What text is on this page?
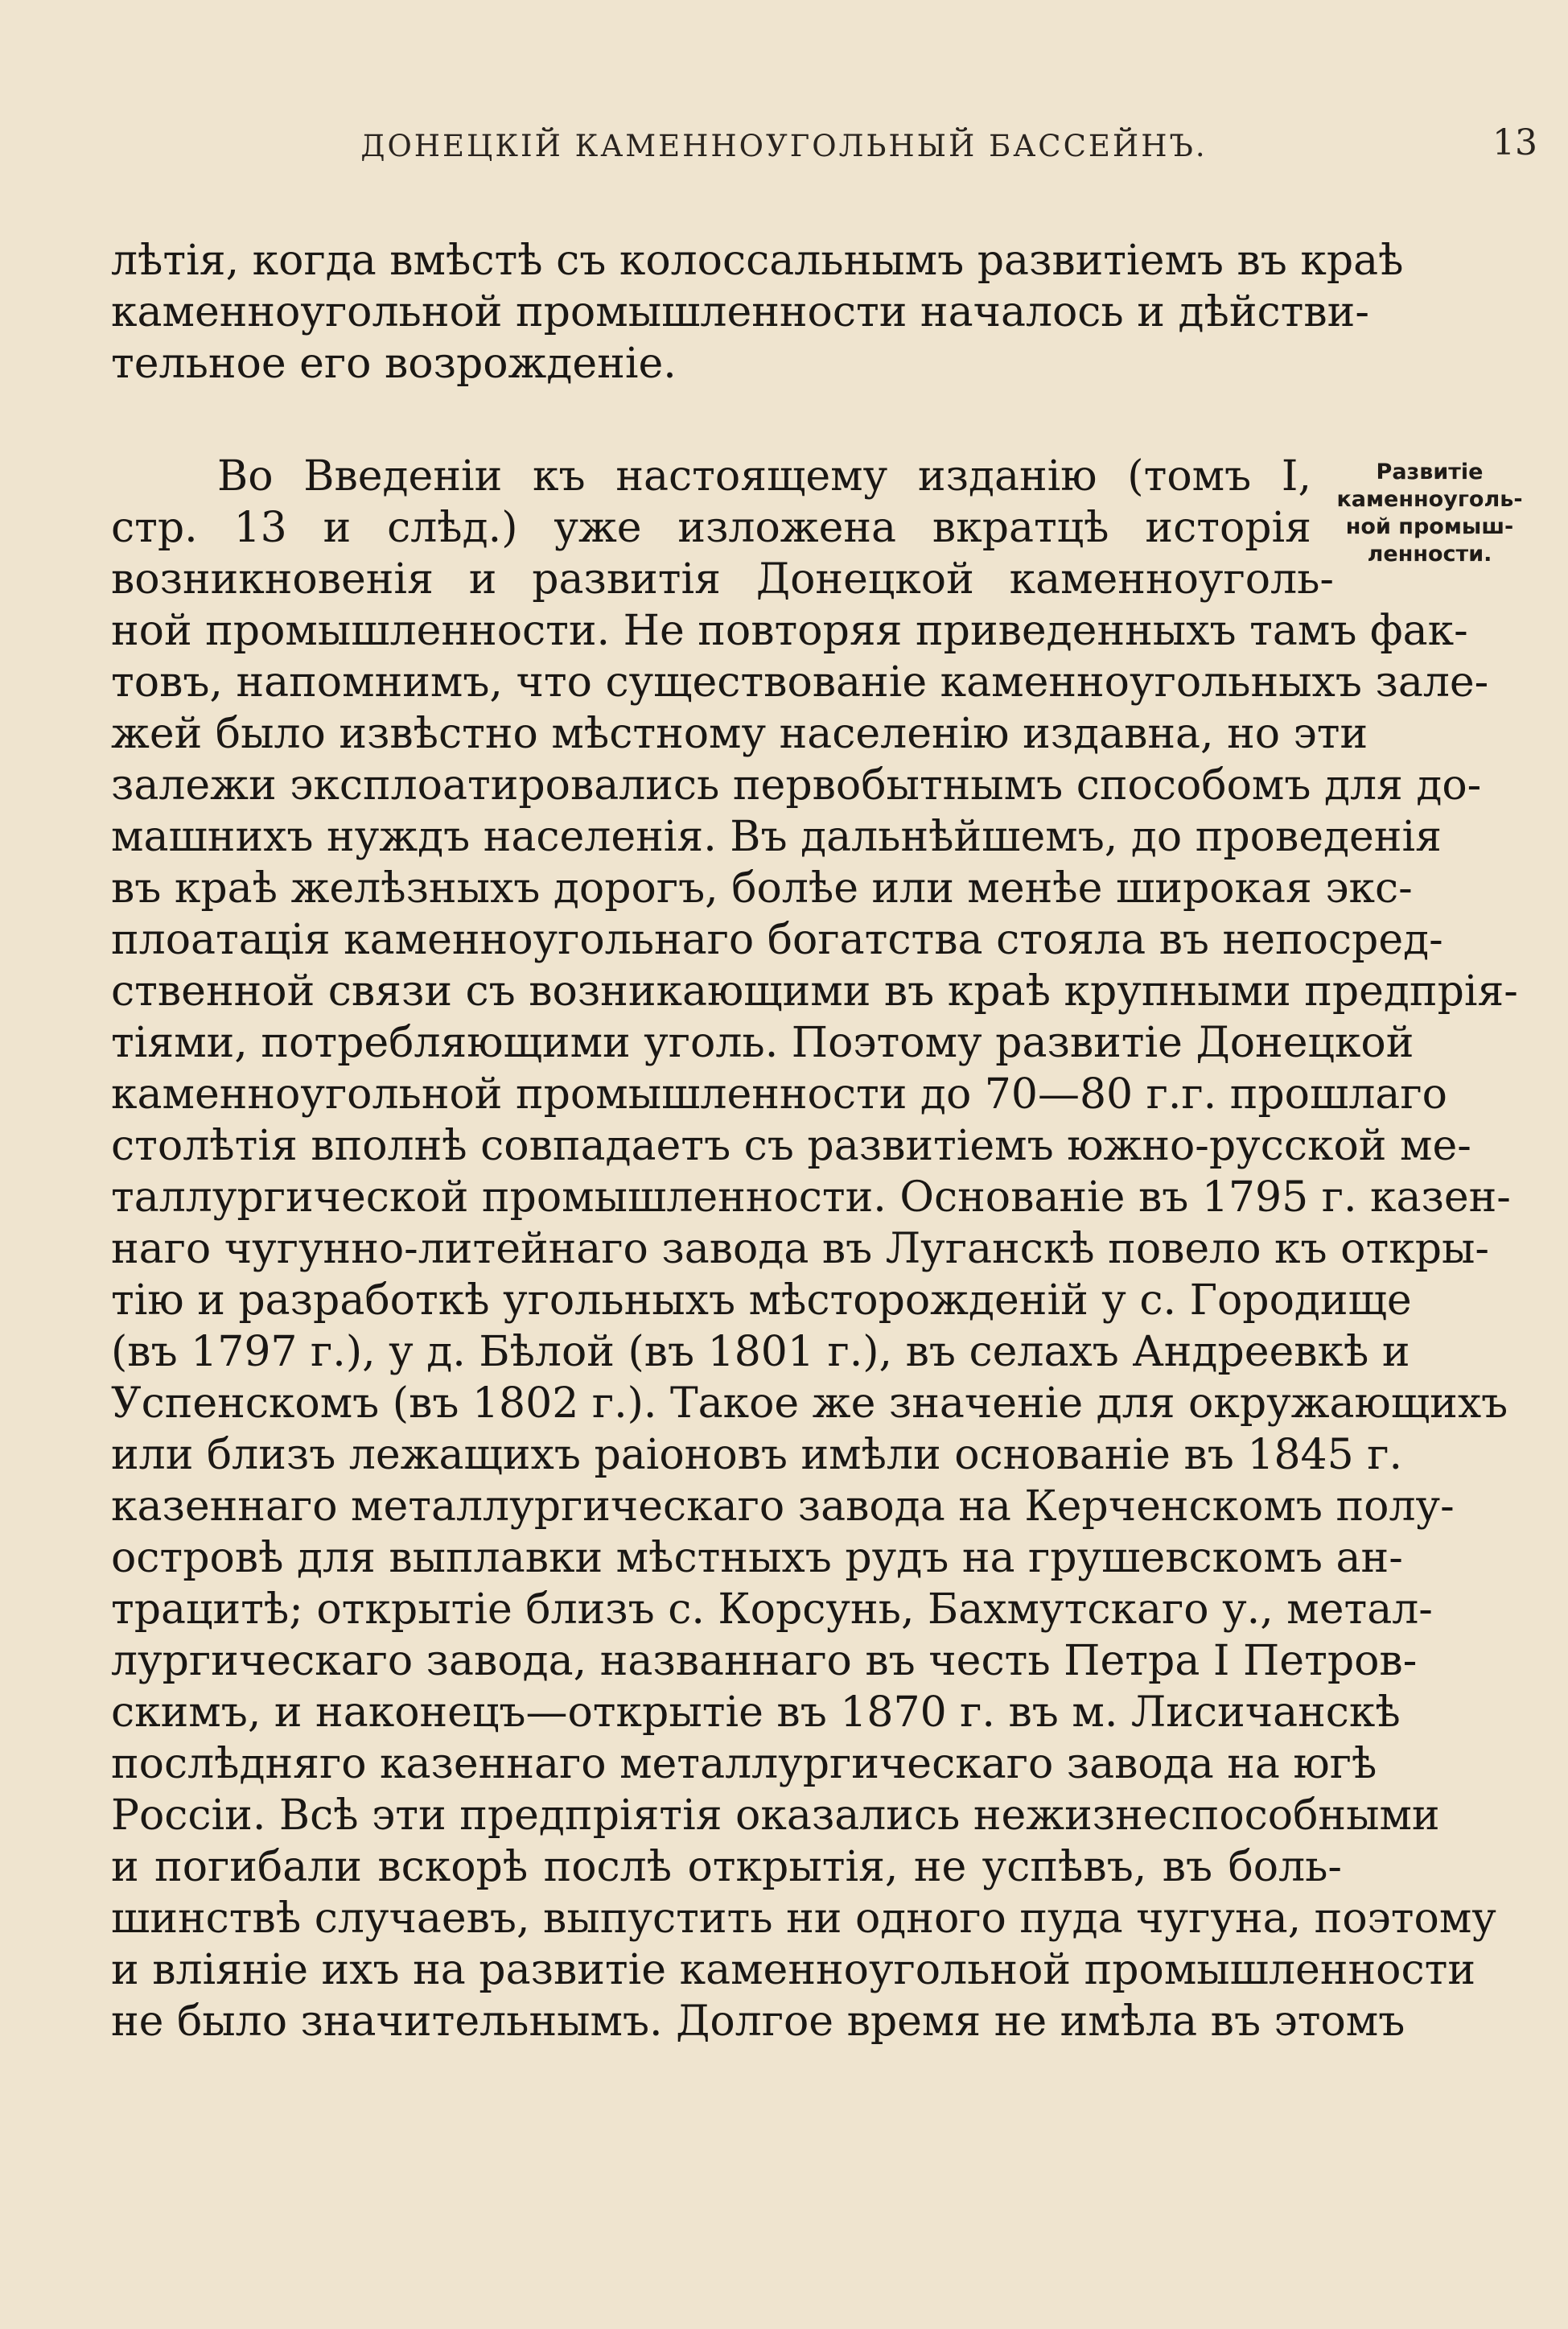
ДОНЕЦКІЙ КАМЕННОУГОЛЬНЫЙ БАССЕЙНЪ.	13
лѣтія, когда вмѣстѣ съ колоссальнымъ развитіемъ въ краѣ
каменноугольной промышленности началось и дѣйстви-
тельное его возрожденіе.
Во Введеніи къ настоящему изданію (томъ I,
стр. 13 и слѣд.) уже изложена вкратцѣ исторія
возникновенія и развитія Донецкой каменноуголь-
ной промышленности. Не повторяя приведенныхъ тамъ фак-
товъ, напомнимъ, что существованіе каменноугольныхъ зале-
жей было извѣстно мѣстному населенію издавна, но эти
залежи эксплоатировались первобытнымъ способомъ для до-
машнихъ нуждъ населенія. Въ дальнѣйшемъ, до проведенія
въ краѣ желѣзныхъ дорогъ, болѣе или менѣе широкая экс-
плоатація каменноугольнаго богатства стояла въ непосред-
ственной связи съ возникающими въ краѣ крупными предпрія-
тіями, потребляющими уголь. Поэтому развитіе Донецкой
каменноугольной промышленности до 70—80 г.г. прошлаго
столѣтія вполнѣ совпадаетъ съ развитіемъ южно-русской ме-
таллургической промышленности. Основаніе въ 1795 г. казен-
наго чугунно-литейнаго завода въ Луганскѣ повело къ откры-
тію и разработкѣ угольныхъ мѣсторожденій у с. Городище
(въ 1797 г.), у д. Бѣлой (въ 1801 г.), въ селахъ Андреевкѣ и
Успенскомъ (въ 1802 г.). Такое же значеніе для окружающихъ
или близъ лежащихъ раіоновъ имѣли основаніе въ 1845 г.
казеннаго металлургическаго завода на Керченскомъ полу-
островѣ для выплавки мѣстныхъ рудъ на грушевскомъ ан-
трацитѣ; открытіе близъ с. Корсунь, Бахмутскаго у., метал-
лургическаго завода, названнаго въ честь Петра I Петров-
скимъ, и наконецъ—открытіе въ 1870 г. въ м. Лисичанскѣ
послѣдняго казеннаго металлургическаго завода на югѣ
Россіи. Всѣ эти предпріятія оказались нежизнеспособными
и погибали вскорѣ послѣ открытія, не успѣвъ, въ боль-
шинствѣ случаевъ, выпустить ни одного пуда чугуна, поэтому
и вліяніе ихъ на развитіе каменноугольной промышленности
не было значительнымъ. Долгое время не имѣла въ этомъ
Развитіе
каменноуголь-
ной промыш-
ленности.
